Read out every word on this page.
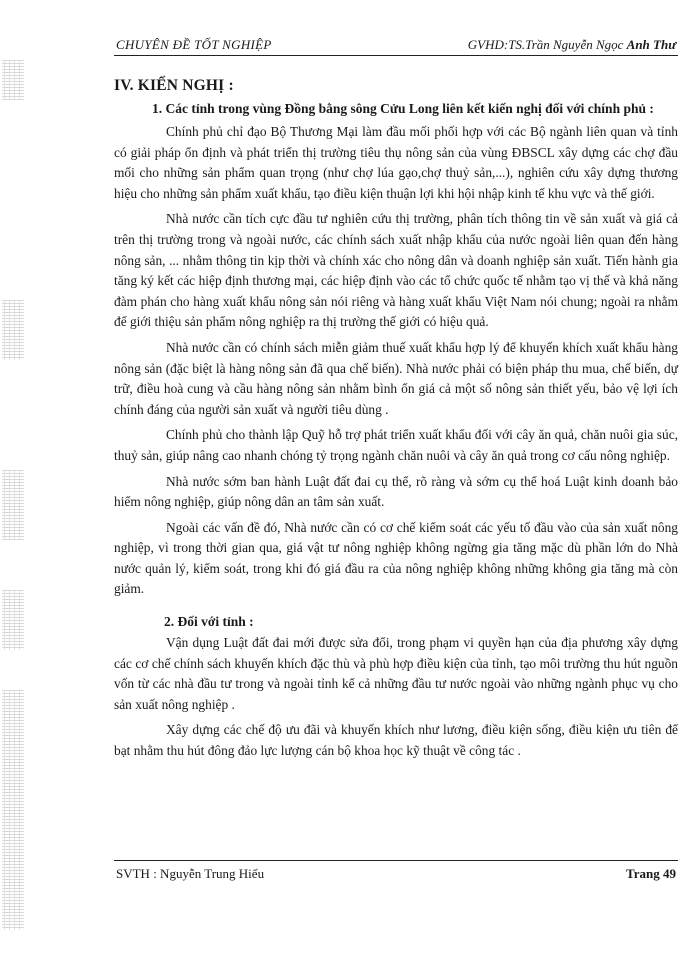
CHUYÊN ĐỀ TỐT NGHIỆP	GVHD:TS.Trần Nguyễn Ngọc Anh Thư
IV. KIẾN NGHỊ :
1. Các tỉnh trong vùng Đồng bằng sông Cửu Long liên kết kiến nghị đối với chính phủ :

Chính phủ chỉ đạo Bộ Thương Mại làm đầu mối phối hợp với các Bộ ngành liên quan và tỉnh có giải pháp ổn định và phát triển thị trường tiêu thụ nông sản của vùng ĐBSCL xây dựng các chợ đầu mối cho những sản phẩm quan trọng (như chợ lúa gạo,chợ thuỷ sản,...), nghiên cứu xây dựng thương hiệu cho những sản phẩm xuất khẩu, tạo điều kiện thuận lợi khi hội nhập kinh tế khu vực và thế giới.

Nhà nước cần tích cực đầu tư nghiên cứu thị trường, phân tích thông tin về sản xuất và giá cả trên thị trường trong và ngoài nước, các chính sách xuất nhập khẩu của nước ngoài liên quan đến hàng nông sản, ... nhằm thông tin kịp thời và chính xác cho nông dân và doanh nghiệp sản xuất. Tiến hành gia tăng ký kết các hiệp định thương mại, các hiệp định vào các tổ chức quốc tế nhằm tạo vị thế và khả năng đàm phán cho hàng xuất khẩu nông sản nói riêng và hàng xuất khẩu Việt Nam nói chung; ngoài ra nhằm để giới thiệu sản phẩm nông nghiệp ra thị trường thế giới có hiệu quả.

Nhà nước cần có chính sách miễn giảm thuế xuất khẩu hợp lý để khuyến khích xuất khẩu hàng nông sản (đặc biệt là hàng nông sản đã qua chế biến). Nhà nước phải có biện pháp thu mua, chế biến, dự trữ, điều hoà cung và cầu hàng nông sản nhằm bình ổn giá cả một số nông sản thiết yếu, bảo vệ lợi ích chính đáng của người sản xuất và người tiêu dùng .

Chính phủ cho thành lập Quỹ hỗ trợ phát triển xuất khẩu đối với cây ăn quả, chăn nuôi gia súc, thuỷ sản, giúp nâng cao nhanh chóng tỷ trọng ngành chăn nuôi và cây ăn quả trong cơ cấu nông nghiệp.

Nhà nước sớm ban hành Luật đất đai cụ thể, rõ ràng và sớm cụ thể hoá Luật kinh doanh bảo hiểm nông nghiệp, giúp nông dân an tâm sản xuất.

Ngoài các vấn đề đó, Nhà nước cần có cơ chế kiểm soát các yếu tố đầu vào của sản xuất nông nghiệp, vì trong thời gian qua, giá vật tư nông nghiệp không ngừng gia tăng mặc dù phần lớn do Nhà nước quản lý, kiểm soát, trong khi đó giá đầu ra của nông nghiệp không những không gia tăng mà còn giảm.

2. Đối với tỉnh :

Vận dụng Luật đất đai mới được sửa đổi, trong phạm vi quyền hạn của địa phương xây dựng các cơ chế chính sách khuyến khích đặc thù và phù hợp điều kiện của tỉnh, tạo môi trường thu hút nguồn vốn từ các nhà đầu tư trong và ngoài tỉnh kể cả những đầu tư nước ngoài vào những ngành phục vụ cho sản xuất nông nghiệp .

Xây dựng các chế độ ưu đãi và khuyến khích như lương, điều kiện sống, điều kiện ưu tiên để bạt nhằm thu hút đông đảo lực lượng cán bộ khoa học kỹ thuật về công tác .

SVTH : Nguyễn Trung Hiếu	Trang 49
